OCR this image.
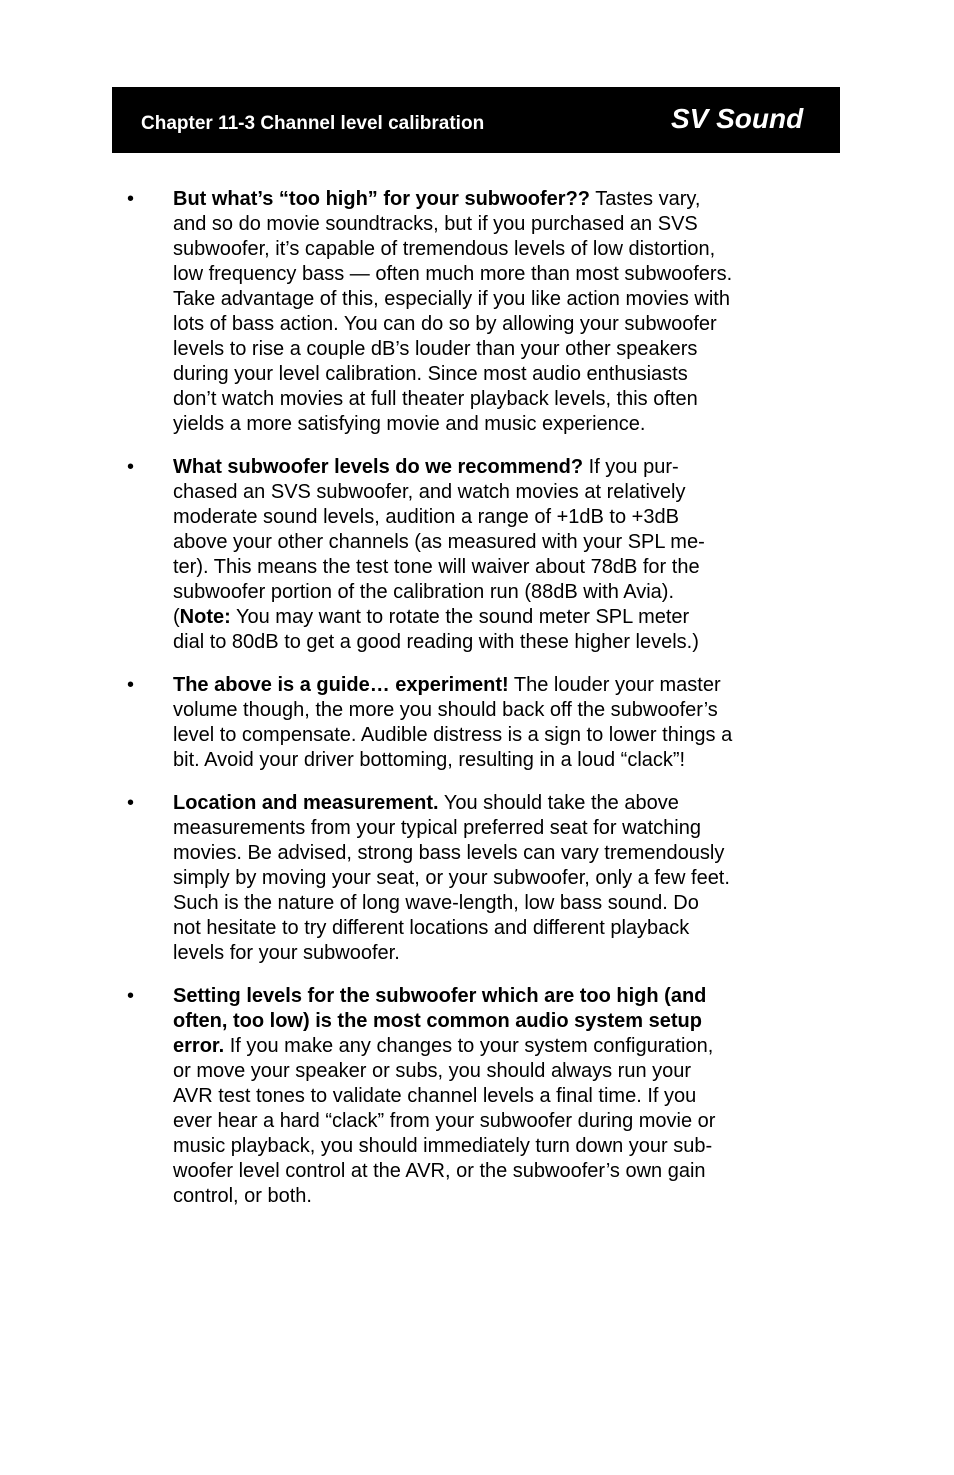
Chapter 11-3 Channel level calibration	SV Sound
• But what’s “too high” for your subwoofer?? Tastes vary,
and so do movie soundtracks, but if you purchased an SVS
subwoofer, it’s capable of tremendous levels of low distortion,
low frequency bass — often much more than most subwoofers.
Take advantage of this, especially if you like action movies with
lots of bass action. You can do so by allowing your subwoofer
levels to rise a couple dB’s louder than your other speakers
during your level calibration. Since most audio enthusiasts
don’t watch movies at full theater playback levels, this often
yields a more satisfying movie and music experience.
• What subwoofer levels do we recommend? If you pur-
chased an SVS subwoofer, and watch movies at relatively
moderate sound levels, audition a range of +1dB to +3dB
above your other channels (as measured with your SPL me-
ter). This means the test tone will waiver about 78dB for the
subwoofer portion of the calibration run (88dB with Avia).
(Note: You may want to rotate the sound meter SPL meter
dial to 80dB to get a good reading with these higher levels.)
• The above is a guide… experiment! The louder your master
volume though, the more you should back off the subwoofer’s
level to compensate. Audible distress is a sign to lower things a
bit. Avoid your driver bottoming, resulting in a loud “clack”!
• Location and measurement. You should take the above
measurements from your typical preferred seat for watching
movies. Be advised, strong bass levels can vary tremendously
simply by moving your seat, or your subwoofer, only a few feet.
Such is the nature of long wave-length, low bass sound. Do
not hesitate to try different locations and different playback
levels for your subwoofer.
• Setting levels for the subwoofer which are too high (and
often, too low) is the most common audio system setup
error. If you make any changes to your system configuration,
or move your speaker or subs, you should always run your
AVR test tones to validate channel levels a final time. If you
ever hear a hard “clack” from your subwoofer during movie or
music playback, you should immediately turn down your sub-
woofer level control at the AVR, or the subwoofer’s own gain
control, or both.
